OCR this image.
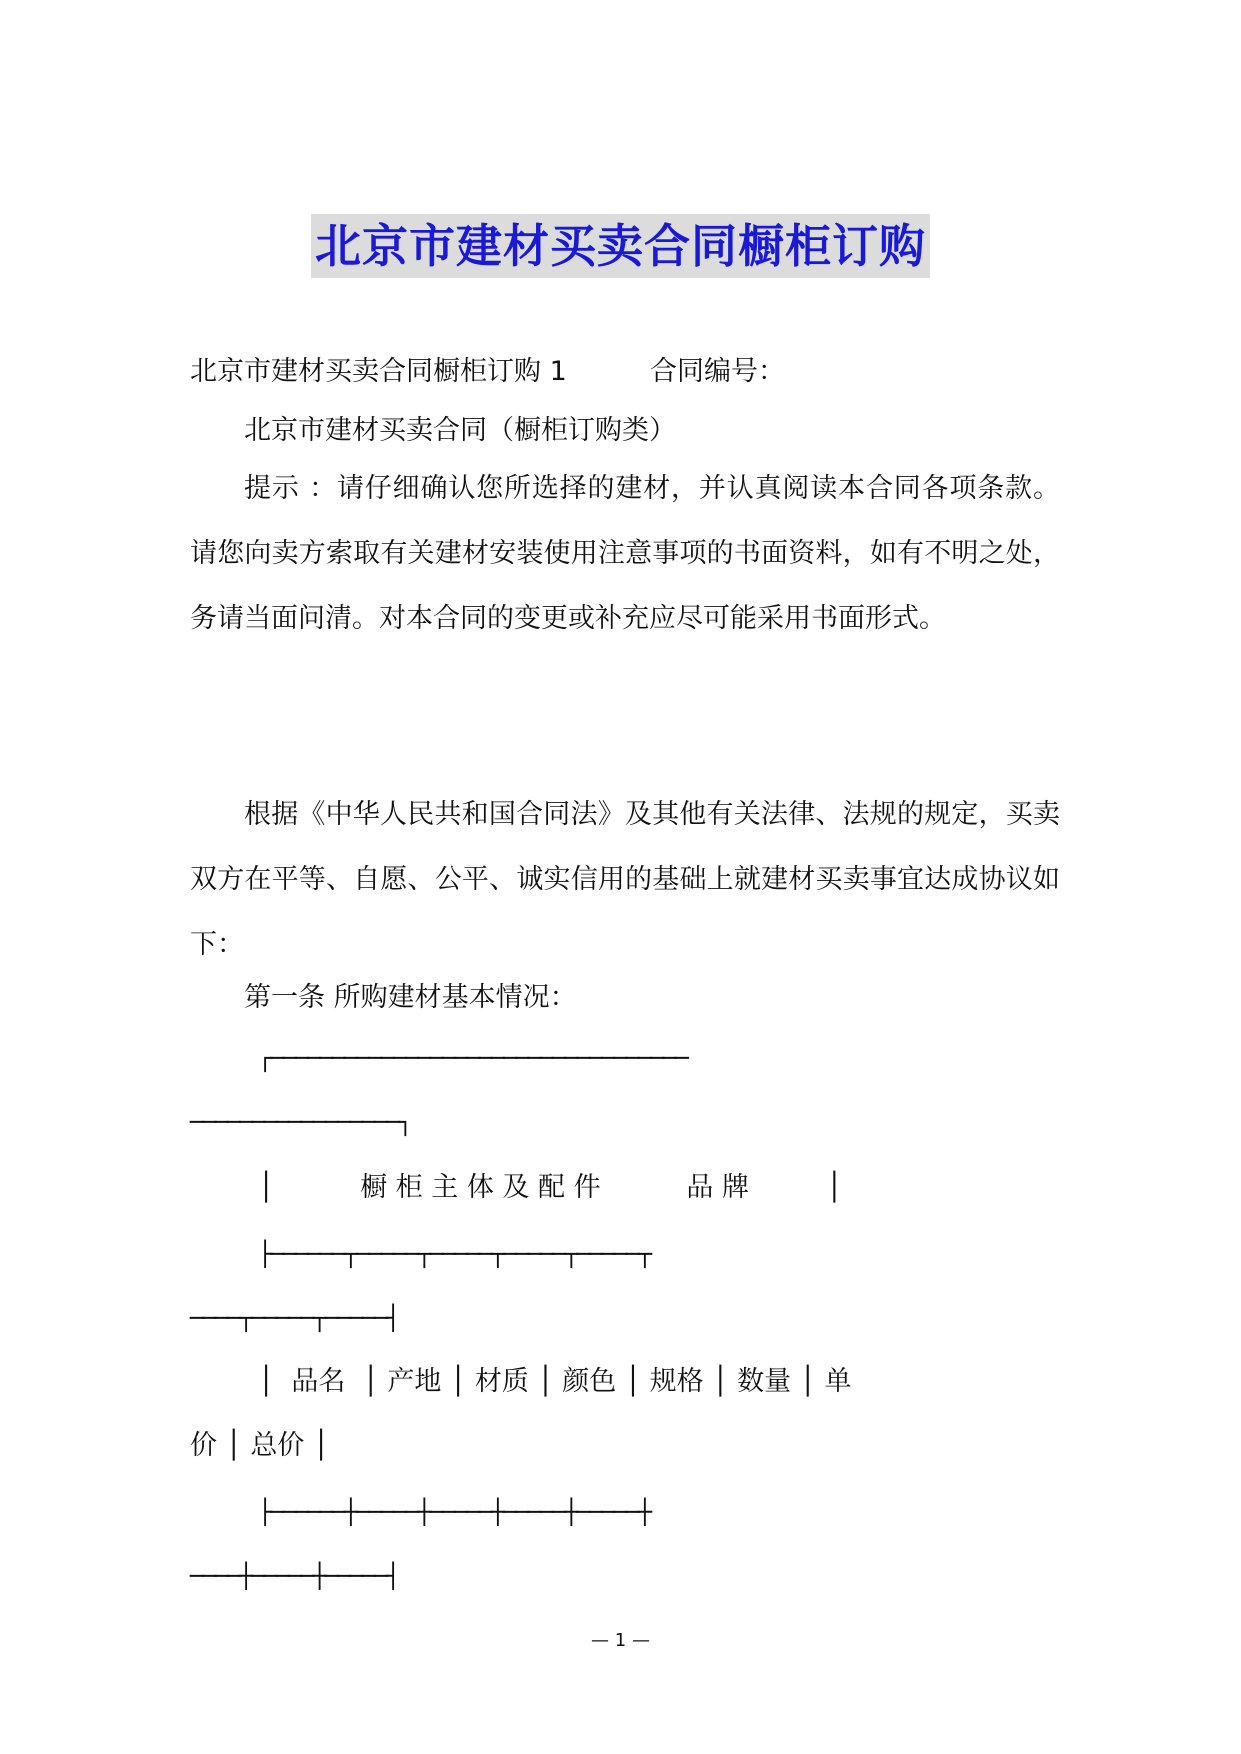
北京市建材买卖合同橱柜订购
北京市建材买卖合同橱柜订购 1	合同编号：
北京市建材买卖合同（橱柜订购类）

提示 ：请仔细确认您所选择的建材，并认真阅读本合同各项条款。请您向卖方索取有关建材安装使用注意事项的书面资料，如有不明之处，务请当面问清。对本合同的变更或补充应尽可能采用书面形式。

根据《中华人民共和国合同法》及其他有关法律、法规的规定，买卖双方在平等、自愿、公平、诚实信用的基础上就建材买卖事宜达成协议如下：

第一条 所购建材基本情况：
┌──────────────────────────────────
─────────────────┐
│          橱 柜 主 体 及 配 件          品 牌         │
├──────┬─────┬─────┬─────┬─────┬
────┬─────┬─────┤
│  品名  │ 产地 │ 材质 │ 颜色 │ 规格 │ 数量 │ 单
价 │ 总价 │
├──────┼─────┼─────┼─────┼─────┼
────┼─────┼─────┤
— 1 —
